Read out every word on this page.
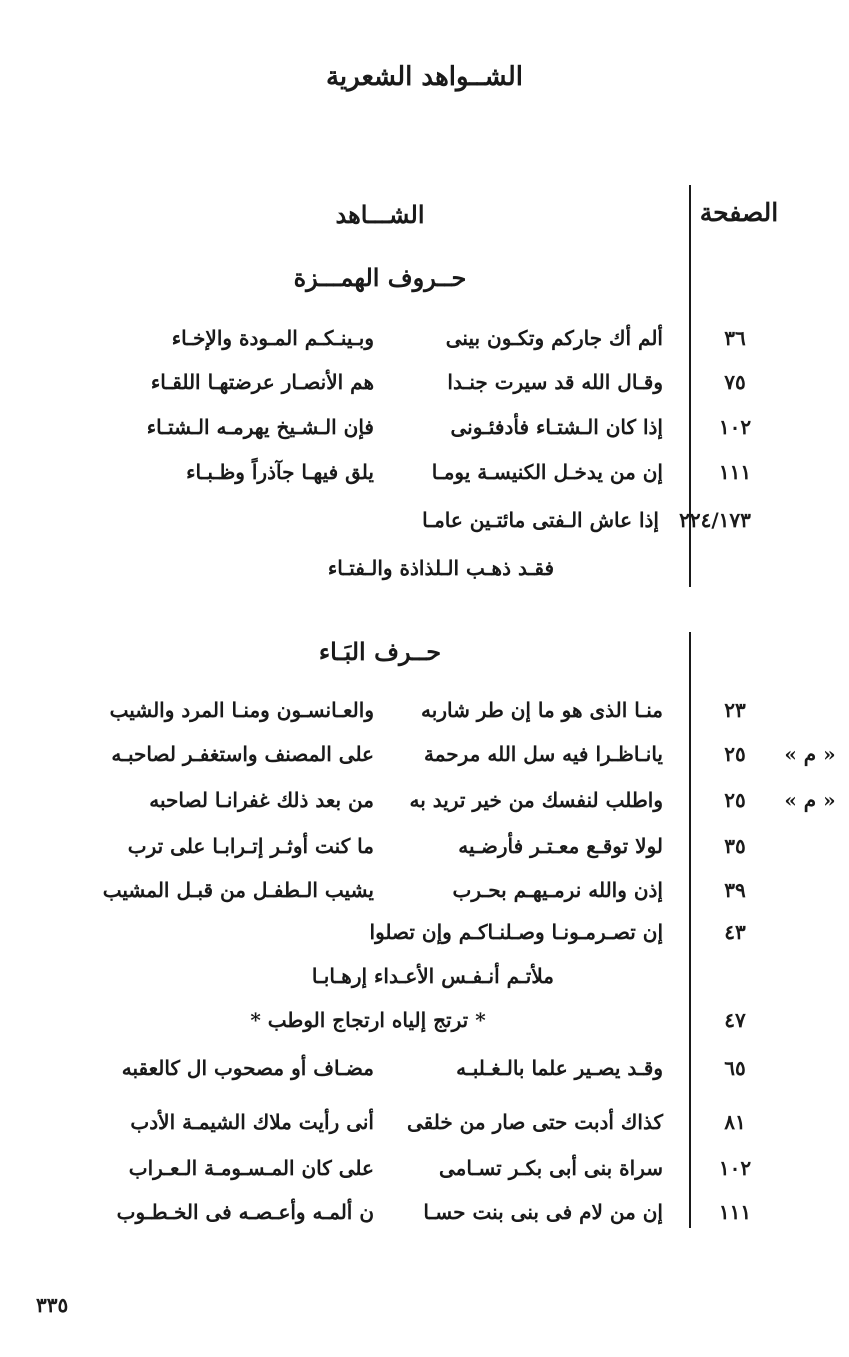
الشــواهد الشعرية
الصفحة
الشـــاهد
حــروف الهمـــزة
٣٦
ألم أك جاركم وتكـون بينى
وبـينـكـم المـودة والإخـاء
٧٥
وقـال الله قد سيرت جنـدا
هم الأنصـار عرضتهـا اللقـاء
١٠٢
إذا كان الـشتـاء فأدفئـونى
فإن الـشـيخ يهرمـه الـشتـاء
١١١
إن من يدخـل الكنيسـة يومـا
يلق فيهـا جآذراً وظـبـاء
٢٢٤/١٧٣
إذا عاش الـفتى مائتـين عامـا
فقـد ذهـب الـلذاذة والـفتـاء
حــرف البَـاء
٢٣
منـا الذى هو ما إن طر شاربه
والعـانسـون ومنـا المرد والشيب
« م »
٢٥
يانـاظـرا فيه سل الله مرحمة
على المصنف واستغفـر لصاحبـه
« م »
٢٥
واطلب لنفسك من خير تريد به
من بعد ذلك غفرانـا لصاحبه
٣٥
لولا توقـع معـتـر فأرضـيه
ما كنت أوثـر إتـرابـا على ترب
٣٩
إذن والله نرمـيهـم بحـرب
يشيب الـطفـل من قبـل المشيب
٤٣
إن تصـرمـونـا وصـلنـاكـم وإن تصلوا
ملأتـم أنـفـس الأعـداء إرهـابـا
٤٧
* ترتج إلياه ارتجاج الوطب *
٦٥
وقـد يصـير علما بالـغـلبـه
مضـاف أو مصحوب ال كالعقبه
٨١
كذاك أدبت حتى صار من خلقى
أنى رأيت ملاك الشيمـة الأدب
١٠٢
سراة بنى أبى بكـر تسـامى
على كان المـسـومـة الـعـراب
١١١
إن من لام فى بنى بنت حسـا
ن ألمـه وأعـصـه فى الخـطـوب
٣٣٥
